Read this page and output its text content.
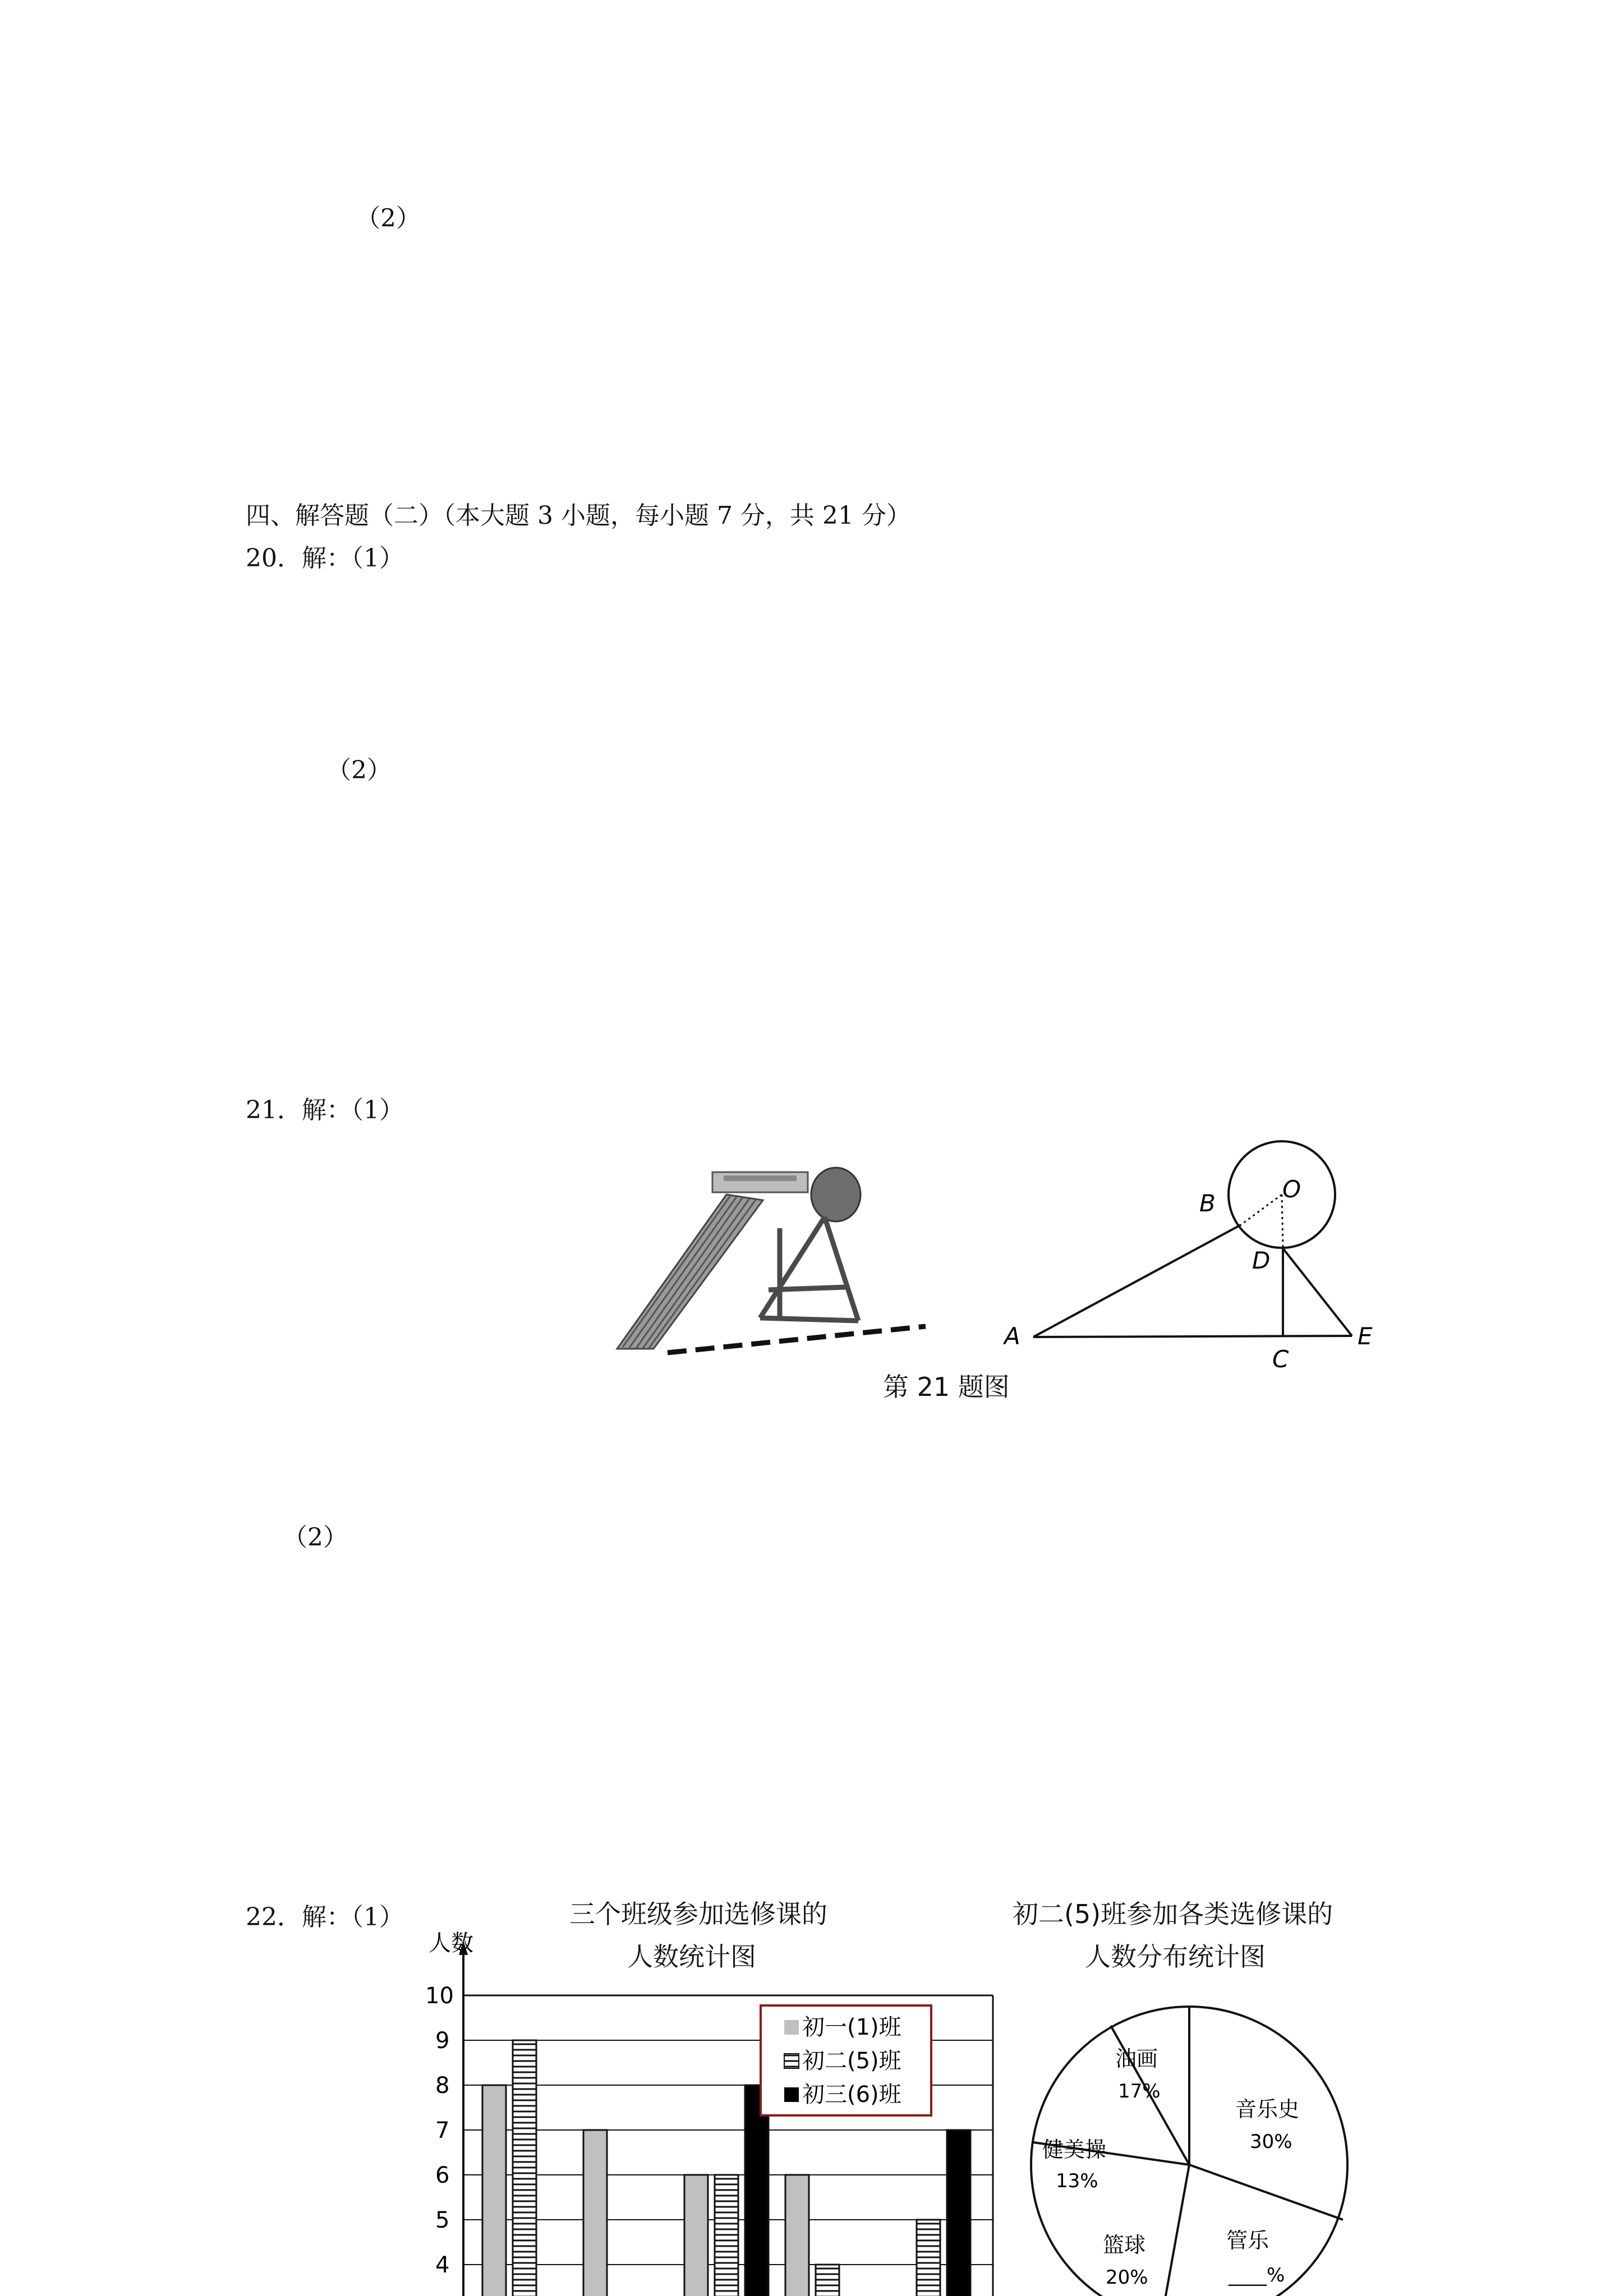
（2）
四、解答题（二）（本大题 3 小题，每小题 7 分，共 21 分）
20．解：（1）
（2）
21．解：（1）
（2）
22．解：（1）
A
B
C
D
E
O
第 21 题图
三个班级参加选修课的
人数统计图
4
5
6
7
8
9
10
人数
初一(1)班
初二(5)班
初三(6)班
初二(5)班参加各类选修课的
人数分布统计图
油画
17%
音乐史
30%
健美操
13%
篮球
20%
管乐
____%
